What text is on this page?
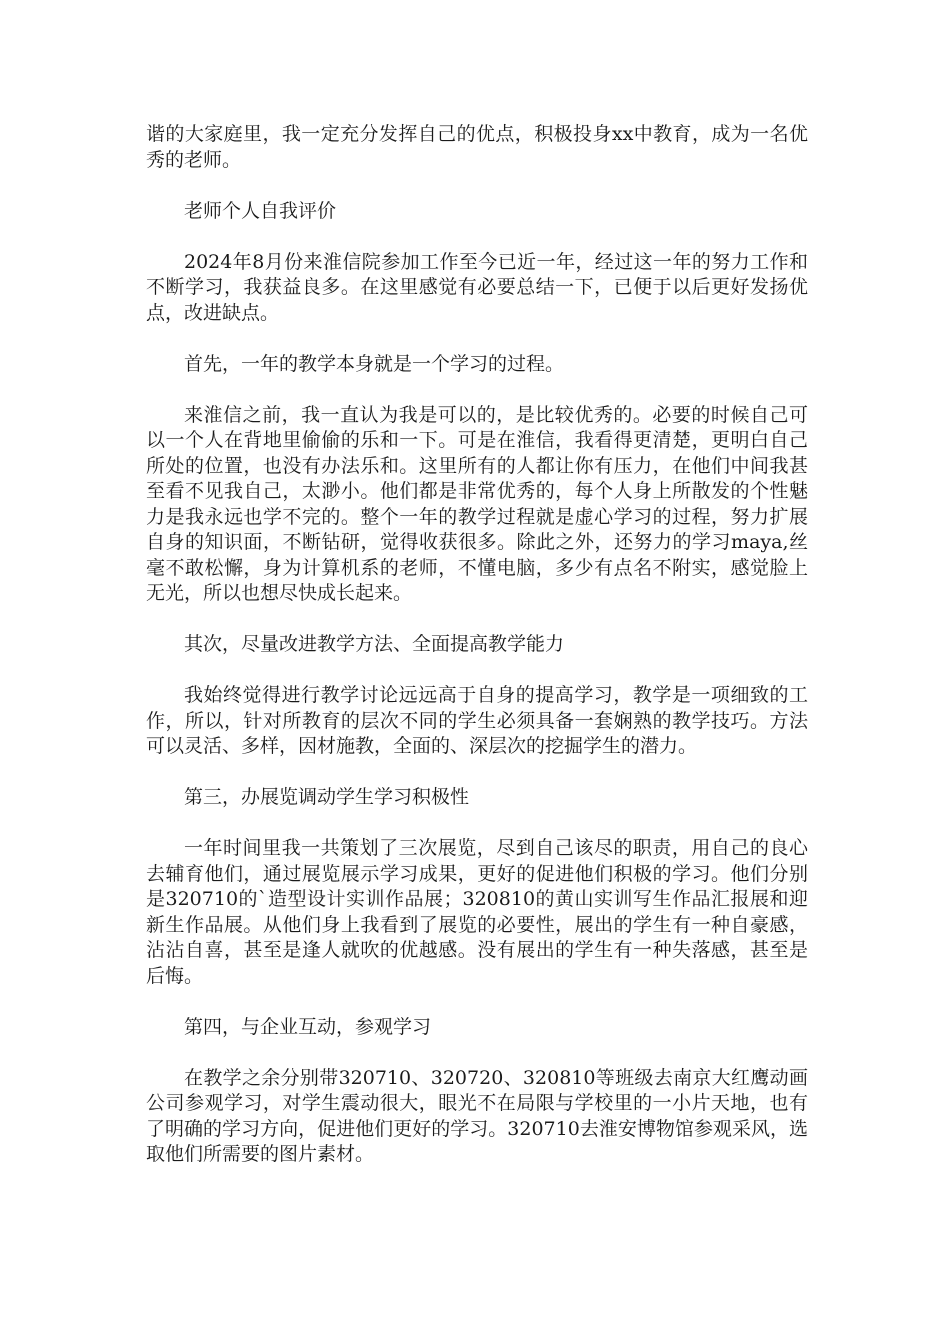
谐的大家庭里，我一定充分发挥自己的优点，积极投身xx中教育，成为一名优秀的老师。

老师个人自我评价

2024年8月份来淮信院参加工作至今已近一年，经过这一年的努力工作和不断学习，我获益良多。在这里感觉有必要总结一下，已便于以后更好发扬优点，改进缺点。

首先，一年的教学本身就是一个学习的过程。

来淮信之前，我一直认为我是可以的，是比较优秀的。必要的时候自己可以一个人在背地里偷偷的乐和一下。可是在淮信，我看得更清楚，更明白自己所处的位置，也没有办法乐和。这里所有的人都让你有压力，在他们中间我甚至看不见我自己，太渺小。他们都是非常优秀的，每个人身上所散发的个性魅力是我永远也学不完的。整个一年的教学过程就是虚心学习的过程，努力扩展自身的知识面，不断钻研，觉得收获很多。除此之外，还努力的学习maya,丝毫不敢松懈，身为计算机系的老师，不懂电脑，多少有点名不附实，感觉脸上无光，所以也想尽快成长起来。

其次，尽量改进教学方法、全面提高教学能力

我始终觉得进行教学讨论远远高于自身的提高学习，教学是一项细致的工作，所以，针对所教育的层次不同的学生必须具备一套娴熟的教学技巧。方法可以灵活、多样，因材施教，全面的、深层次的挖掘学生的潜力。

第三，办展览调动学生学习积极性

一年时间里我一共策划了三次展览，尽到自己该尽的职责，用自己的良心去辅育他们，通过展览展示学习成果，更好的促进他们积极的学习。他们分别是320710的`造型设计实训作品展；320810的黄山实训写生作品汇报展和迎新生作品展。从他们身上我看到了展览的必要性，展出的学生有一种自豪感，沾沾自喜，甚至是逢人就吹的优越感。没有展出的学生有一种失落感，甚至是后悔。

第四，与企业互动，参观学习

在教学之余分别带320710、320720、320810等班级去南京大红鹰动画公司参观学习，对学生震动很大，眼光不在局限与学校里的一小片天地，也有了明确的学习方向，促进他们更好的学习。320710去淮安博物馆参观采风，选取他们所需要的图片素材。
